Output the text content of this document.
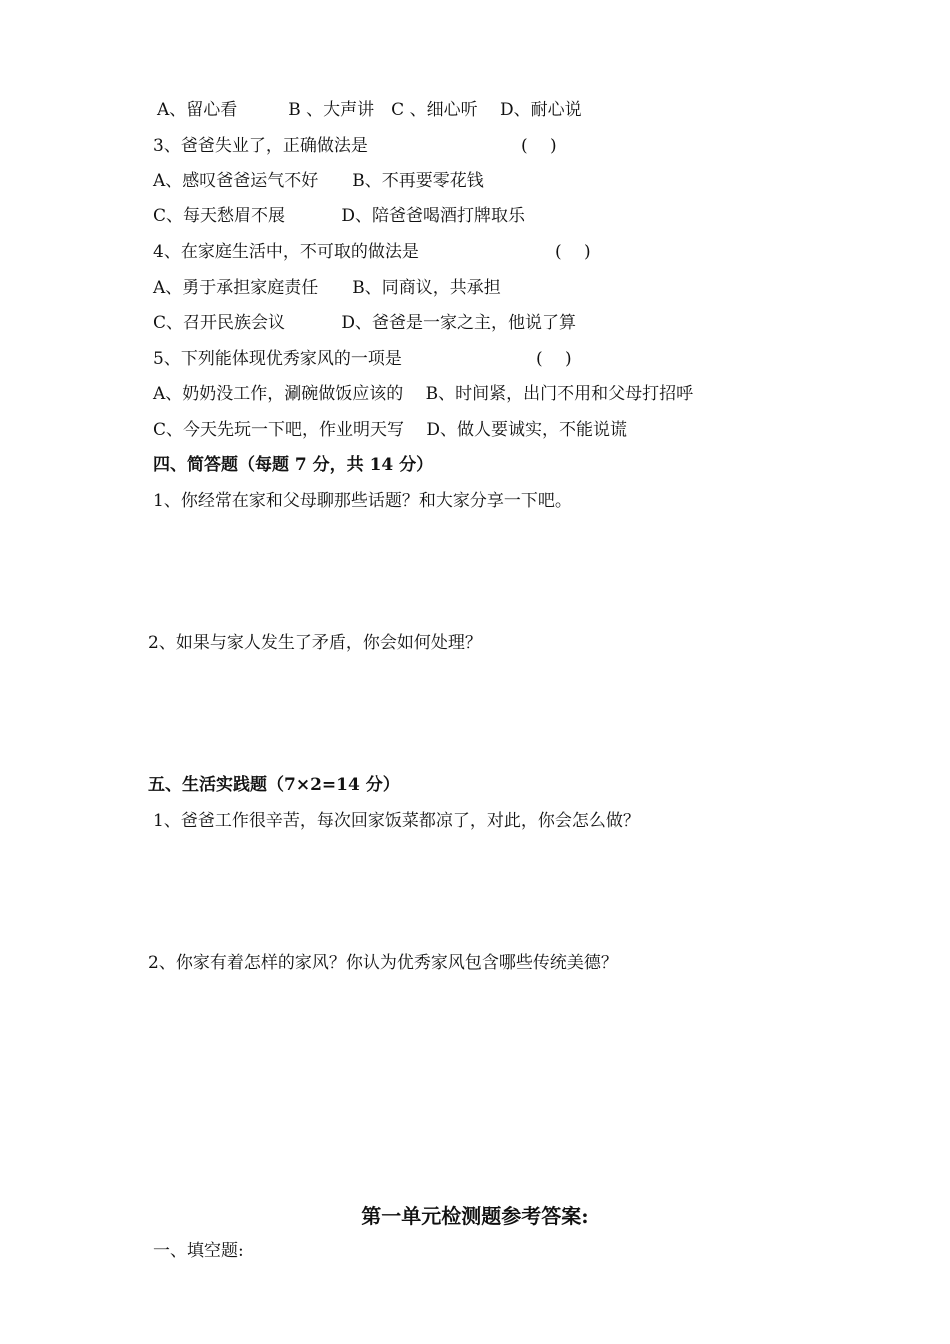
A、留心看　　　B 、大声讲　C 、细心听　 D、耐心说
3、爸爸失业了，正确做法是	(　 )
A、感叹爸爸运气不好　　B、不再要零花钱
C、每天愁眉不展　　　 D、陪爸爸喝酒打牌取乐
4、在家庭生活中，不可取的做法是	(　 )
A、勇于承担家庭责任　　B、同商议，共承担
C、召开民族会议　　　 D、爸爸是一家之主，他说了算
5、下列能体现优秀家风的一项是	(　 )
A、奶奶没工作，涮碗做饭应该的　 B、时间紧，出门不用和父母打招呼
C、今天先玩一下吧，作业明天写　 D、做人要诚实，不能说谎
四、简答题（每题 7 分，共 14 分）
1、你经常在家和父母聊那些话题？和大家分享一下吧。
2、如果与家人发生了矛盾，你会如何处理？
五、生活实践题（7×2=14 分）
1、爸爸工作很辛苦，每次回家饭菜都凉了，对此，你会怎么做？
2、你家有着怎样的家风？你认为优秀家风包含哪些传统美德？
第一单元检测题参考答案:
一、填空题:
